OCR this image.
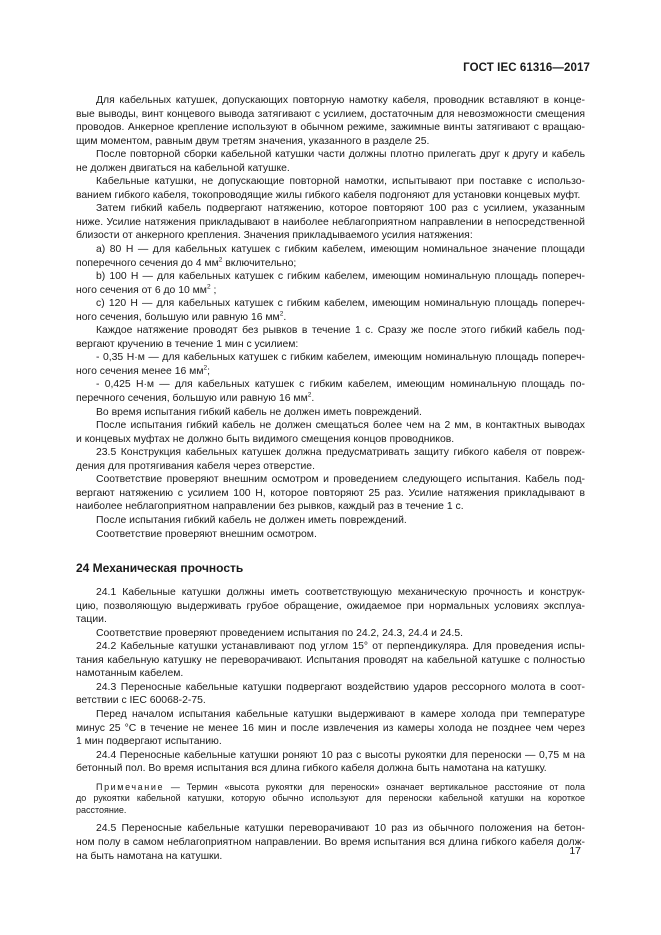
ГОСТ IEC 61316—2017
Для кабельных катушек, допускающих повторную намотку кабеля, проводник вставляют в конце-
вые выводы, винт концевого вывода затягивают с усилием, достаточным для невозможности смещения
проводов. Анкерное крепление используют в обычном режиме, зажимные винты затягивают с вращаю-
щим моментом, равным двум третям значения, указанного в разделе 25.
После повторной сборки кабельной катушки части должны плотно прилегать друг к другу и кабель
не должен двигаться на кабельной катушке.
Кабельные катушки, не допускающие повторной намотки, испытывают при поставке с использо-
ванием гибкого кабеля, токопроводящие жилы гибкого кабеля подгоняют для установки концевых муфт.
Затем гибкий кабель подвергают натяжению, которое повторяют 100 раз с усилием, указанным
ниже. Усилие натяжения прикладывают в наиболее неблагоприятном направлении в непосредственной
близости от анкерного крепления. Значения прикладываемого усилия натяжения:
a) 80 Н — для кабельных катушек с гибким кабелем, имеющим номинальное значение площади
поперечного сечения до 4 $мм^2$ включительно;
b) 100 Н — для кабельных катушек с гибким кабелем, имеющим номинальную площадь попереч-
ного сечения от 6 до 10 $мм^2$ ;
c) 120 Н — для кабельных катушек с гибким кабелем, имеющим номинальную площадь попереч-
ного сечения, большую или равную 16 $мм^2$.
Каждое натяжение проводят без рывков в течение 1 с. Сразу же после этого гибкий кабель под-
вергают кручению в течение 1 мин с усилием:
- 0,35 Н·м — для кабельных катушек с гибким кабелем, имеющим номинальную площадь попереч-
ного сечения менее 16 $мм^2$;
- 0,425 Н·м — для кабельных катушек с гибким кабелем, имеющим номинальную площадь по-
перечного сечения, большую или равную 16 $мм^2$.
Во время испытания гибкий кабель не должен иметь повреждений.
После испытания гибкий кабель не должен смещаться более чем на 2 мм, в контактных выводах
и концевых муфтах не должно быть видимого смещения концов проводников.
23.5 Конструкция кабельных катушек должна предусматривать защиту гибкого кабеля от повреж-
дения для протягивания кабеля через отверстие.
Соответствие проверяют внешним осмотром и проведением следующего испытания. Кабель под-
вергают натяжению с усилием 100 Н, которое повторяют 25 раз. Усилие натяжения прикладывают в
наиболее неблагоприятном направлении без рывков, каждый раз в течение 1 с.
После испытания гибкий кабель не должен иметь повреждений.
Соответствие проверяют внешним осмотром.
24 Механическая прочность
24.1 Кабельные катушки должны иметь соответствующую механическую прочность и конструк-
цию, позволяющую выдерживать грубое обращение, ожидаемое при нормальных условиях эксплуа-
тации.
Соответствие проверяют проведением испытания по 24.2, 24.3, 24.4 и 24.5.
24.2 Кабельные катушки устанавливают под углом 15° от перпендикуляра. Для проведения испы-
тания кабельную катушку не переворачивают. Испытания проводят на кабельной катушке с полностью
намотанным кабелем.
24.3 Переносные кабельные катушки подвергают воздействию ударов рессорного молота в соот-
ветствии с IEC 60068-2-75.
Перед началом испытания кабельные катушки выдерживают в камере холода при температуре
минус 25 °С в течение не менее 16 мин и после извлечения из камеры холода не позднее чем через
1 мин подвергают испытанию.
24.4 Переносные кабельные катушки роняют 10 раз с высоты рукоятки для переноски — 0,75 м на
бетонный пол. Во время испытания вся длина гибкого кабеля должна быть намотана на катушку.
Примечание — Термин «высота рукоятки для переноски» означает вертикальное расстояние от пола
до рукоятки кабельной катушки, которую обычно используют для переноски кабельной катушки на короткое
расстояние.
24.5 Переносные кабельные катушки переворачивают 10 раз из обычного положения на бетон-
ном полу в самом неблагоприятном направлении. Во время испытания вся длина гибкого кабеля долж-
на быть намотана на катушки.	17
